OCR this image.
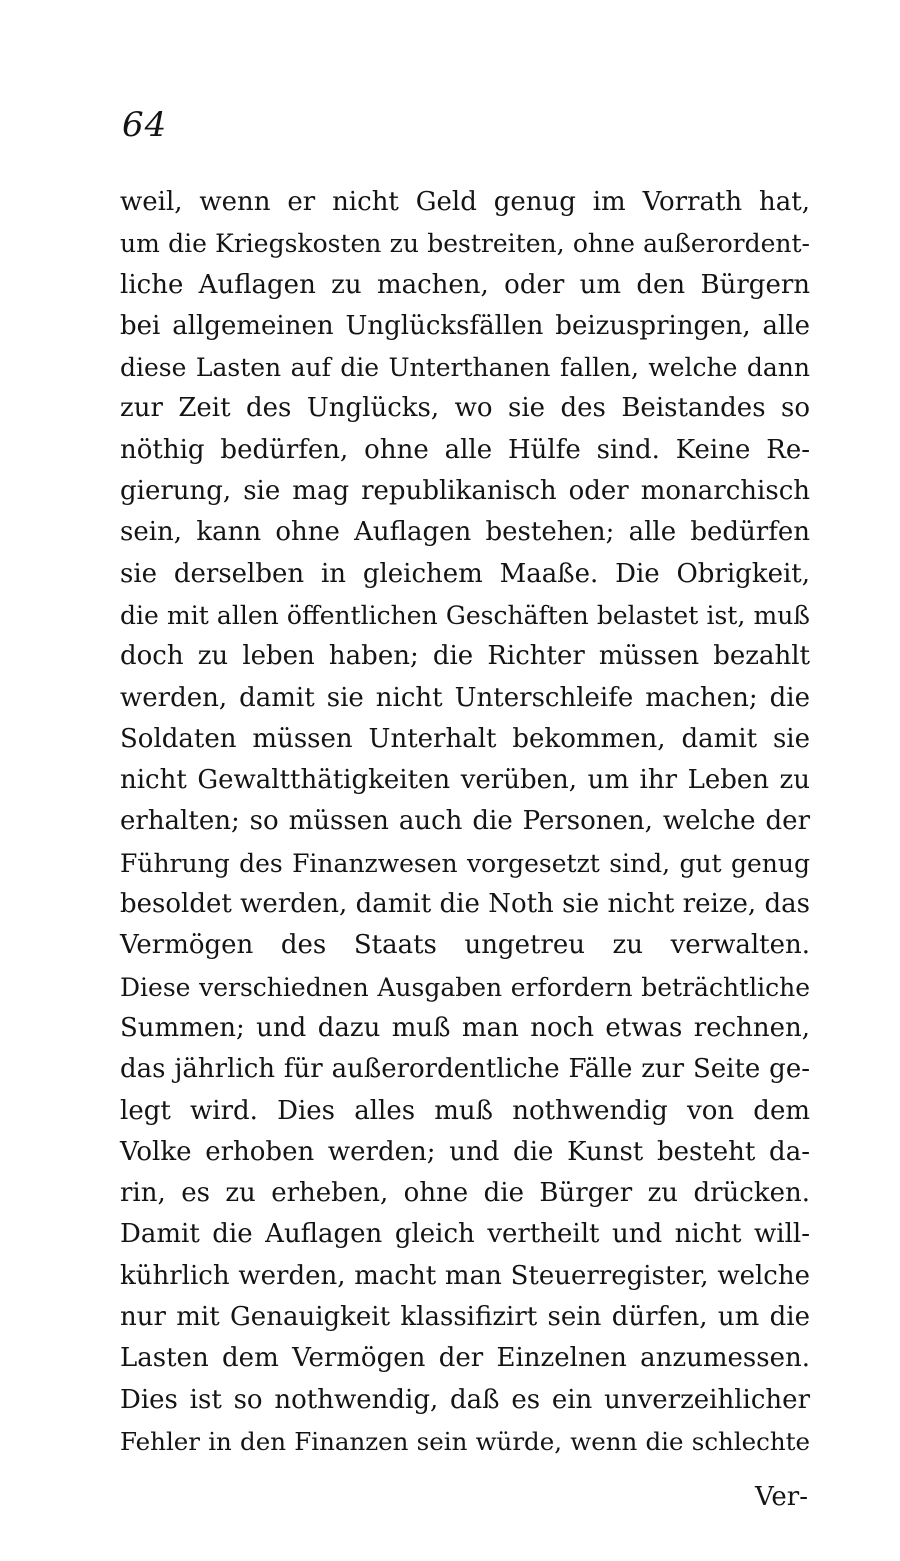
64
weil, wenn er nicht Geld genug im Vorrath hat,
um die Kriegskosten zu bestreiten, ohne außerordent-
liche Auflagen zu machen, oder um den Bürgern
bei allgemeinen Unglücksfällen beizuspringen, alle
diese Lasten auf die Unterthanen fallen, welche dann
zur Zeit des Unglücks, wo sie des Beistandes so
nöthig bedürfen, ohne alle Hülfe sind. Keine Re-
gierung, sie mag republikanisch oder monarchisch
sein, kann ohne Auflagen bestehen; alle bedürfen
sie derselben in gleichem Maaße. Die Obrigkeit,
die mit allen öffentlichen Geschäften belastet ist, muß
doch zu leben haben; die Richter müssen bezahlt
werden, damit sie nicht Unterschleife machen; die
Soldaten müssen Unterhalt bekommen, damit sie
nicht Gewaltthätigkeiten verüben, um ihr Leben zu
erhalten; so müssen auch die Personen, welche der
Führung des Finanzwesen vorgesetzt sind, gut genug
besoldet werden, damit die Noth sie nicht reize, das
Vermögen des Staats ungetreu zu verwalten.
Diese verschiednen Ausgaben erfordern beträchtliche
Summen; und dazu muß man noch etwas rechnen,
das jährlich für außerordentliche Fälle zur Seite ge-
legt wird. Dies alles muß nothwendig von dem
Volke erhoben werden; und die Kunst besteht da-
rin, es zu erheben, ohne die Bürger zu drücken.
Damit die Auflagen gleich vertheilt und nicht will-
kührlich werden, macht man Steuerregister, welche
nur mit Genauigkeit klassifizirt sein dürfen, um die
Lasten dem Vermögen der Einzelnen anzumessen.
Dies ist so nothwendig, daß es ein unverzeihlicher
Fehler in den Finanzen sein würde, wenn die schlechte
Ver-
